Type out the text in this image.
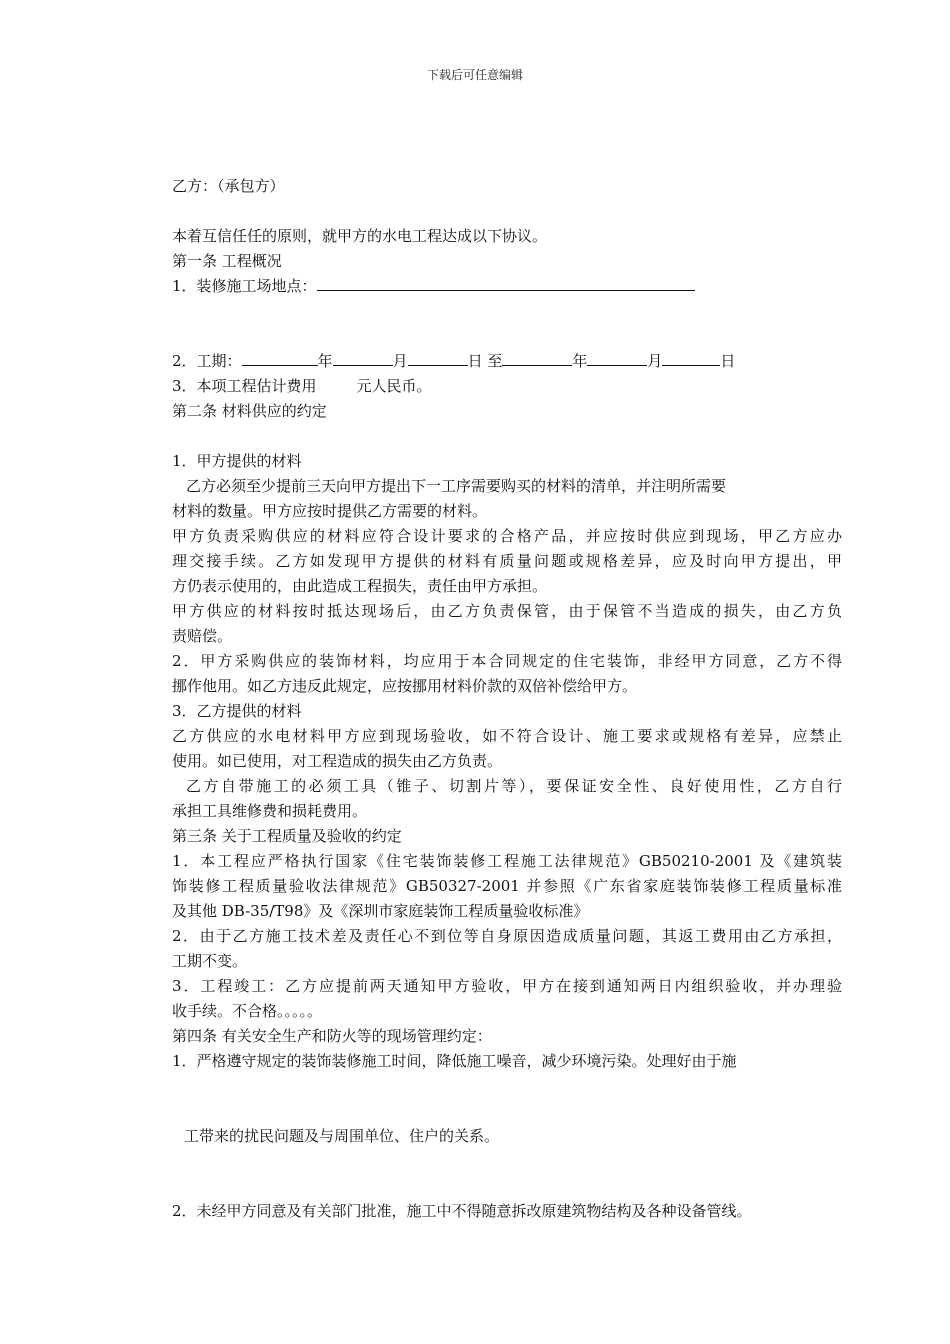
下载后可任意编辑
乙方：（承包方）
本着互信任任的原则，就甲方的水电工程达成以下协议。
第一条 工程概况
1．装修施工场地点：
2．工期：	年	月	日 至	年	月	日
3．本项工程估计费用	元人民币。
第二条 材料供应的约定
1．甲方提供的材料
乙方必须至少提前三天向甲方提出下一工序需要购买的材料的清单，并注明所需要
材料的数量。甲方应按时提供乙方需要的材料。
甲方负责采购供应的材料应符合设计要求的合格产品，并应按时供应到现场，甲乙方应办
理交接手续。乙方如发现甲方提供的材料有质量问题或规格差异，应及时向甲方提出，甲
方仍表示使用的，由此造成工程损失，责任由甲方承担。
甲方供应的材料按时抵达现场后，由乙方负责保管，由于保管不当造成的损失，由乙方负
责赔偿。
2．甲方采购供应的装饰材料，均应用于本合同规定的住宅装饰，非经甲方同意，乙方不得
挪作他用。如乙方违反此规定，应按挪用材料价款的双倍补偿给甲方。
3．乙方提供的材料
乙方供应的水电材料甲方应到现场验收，如不符合设计、施工要求或规格有差异，应禁止
使用。如已使用，对工程造成的损失由乙方负责。
乙方自带施工的必须工具（锥子、切割片等），要保证安全性、良好使用性，乙方自行
承担工具维修费和损耗费用。
第三条 关于工程质量及验收的约定
1．本工程应严格执行国家《住宅装饰装修工程施工法律规范》GB50210-2001 及《建筑装
饰装修工程质量验收法律规范》GB50327-2001 并参照《广东省家庭装饰装修工程质量标准
及其他 DB-35/T98》及《深圳市家庭装饰工程质量验收标准》
2．由于乙方施工技术差及责任心不到位等自身原因造成质量问题，其返工费用由乙方承担，
工期不变。
3．工程竣工：乙方应提前两天通知甲方验收，甲方在接到通知两日内组织验收，并办理验
收手续。不合格。。。。。
第四条 有关安全生产和防火等的现场管理约定：
1．严格遵守规定的装饰装修施工时间，降低施工噪音，减少环境污染。处理好由于施
工带来的扰民问题及与周围单位、住户的关系。
2．未经甲方同意及有关部门批准，施工中不得随意拆改原建筑物结构及各种设备管线。
